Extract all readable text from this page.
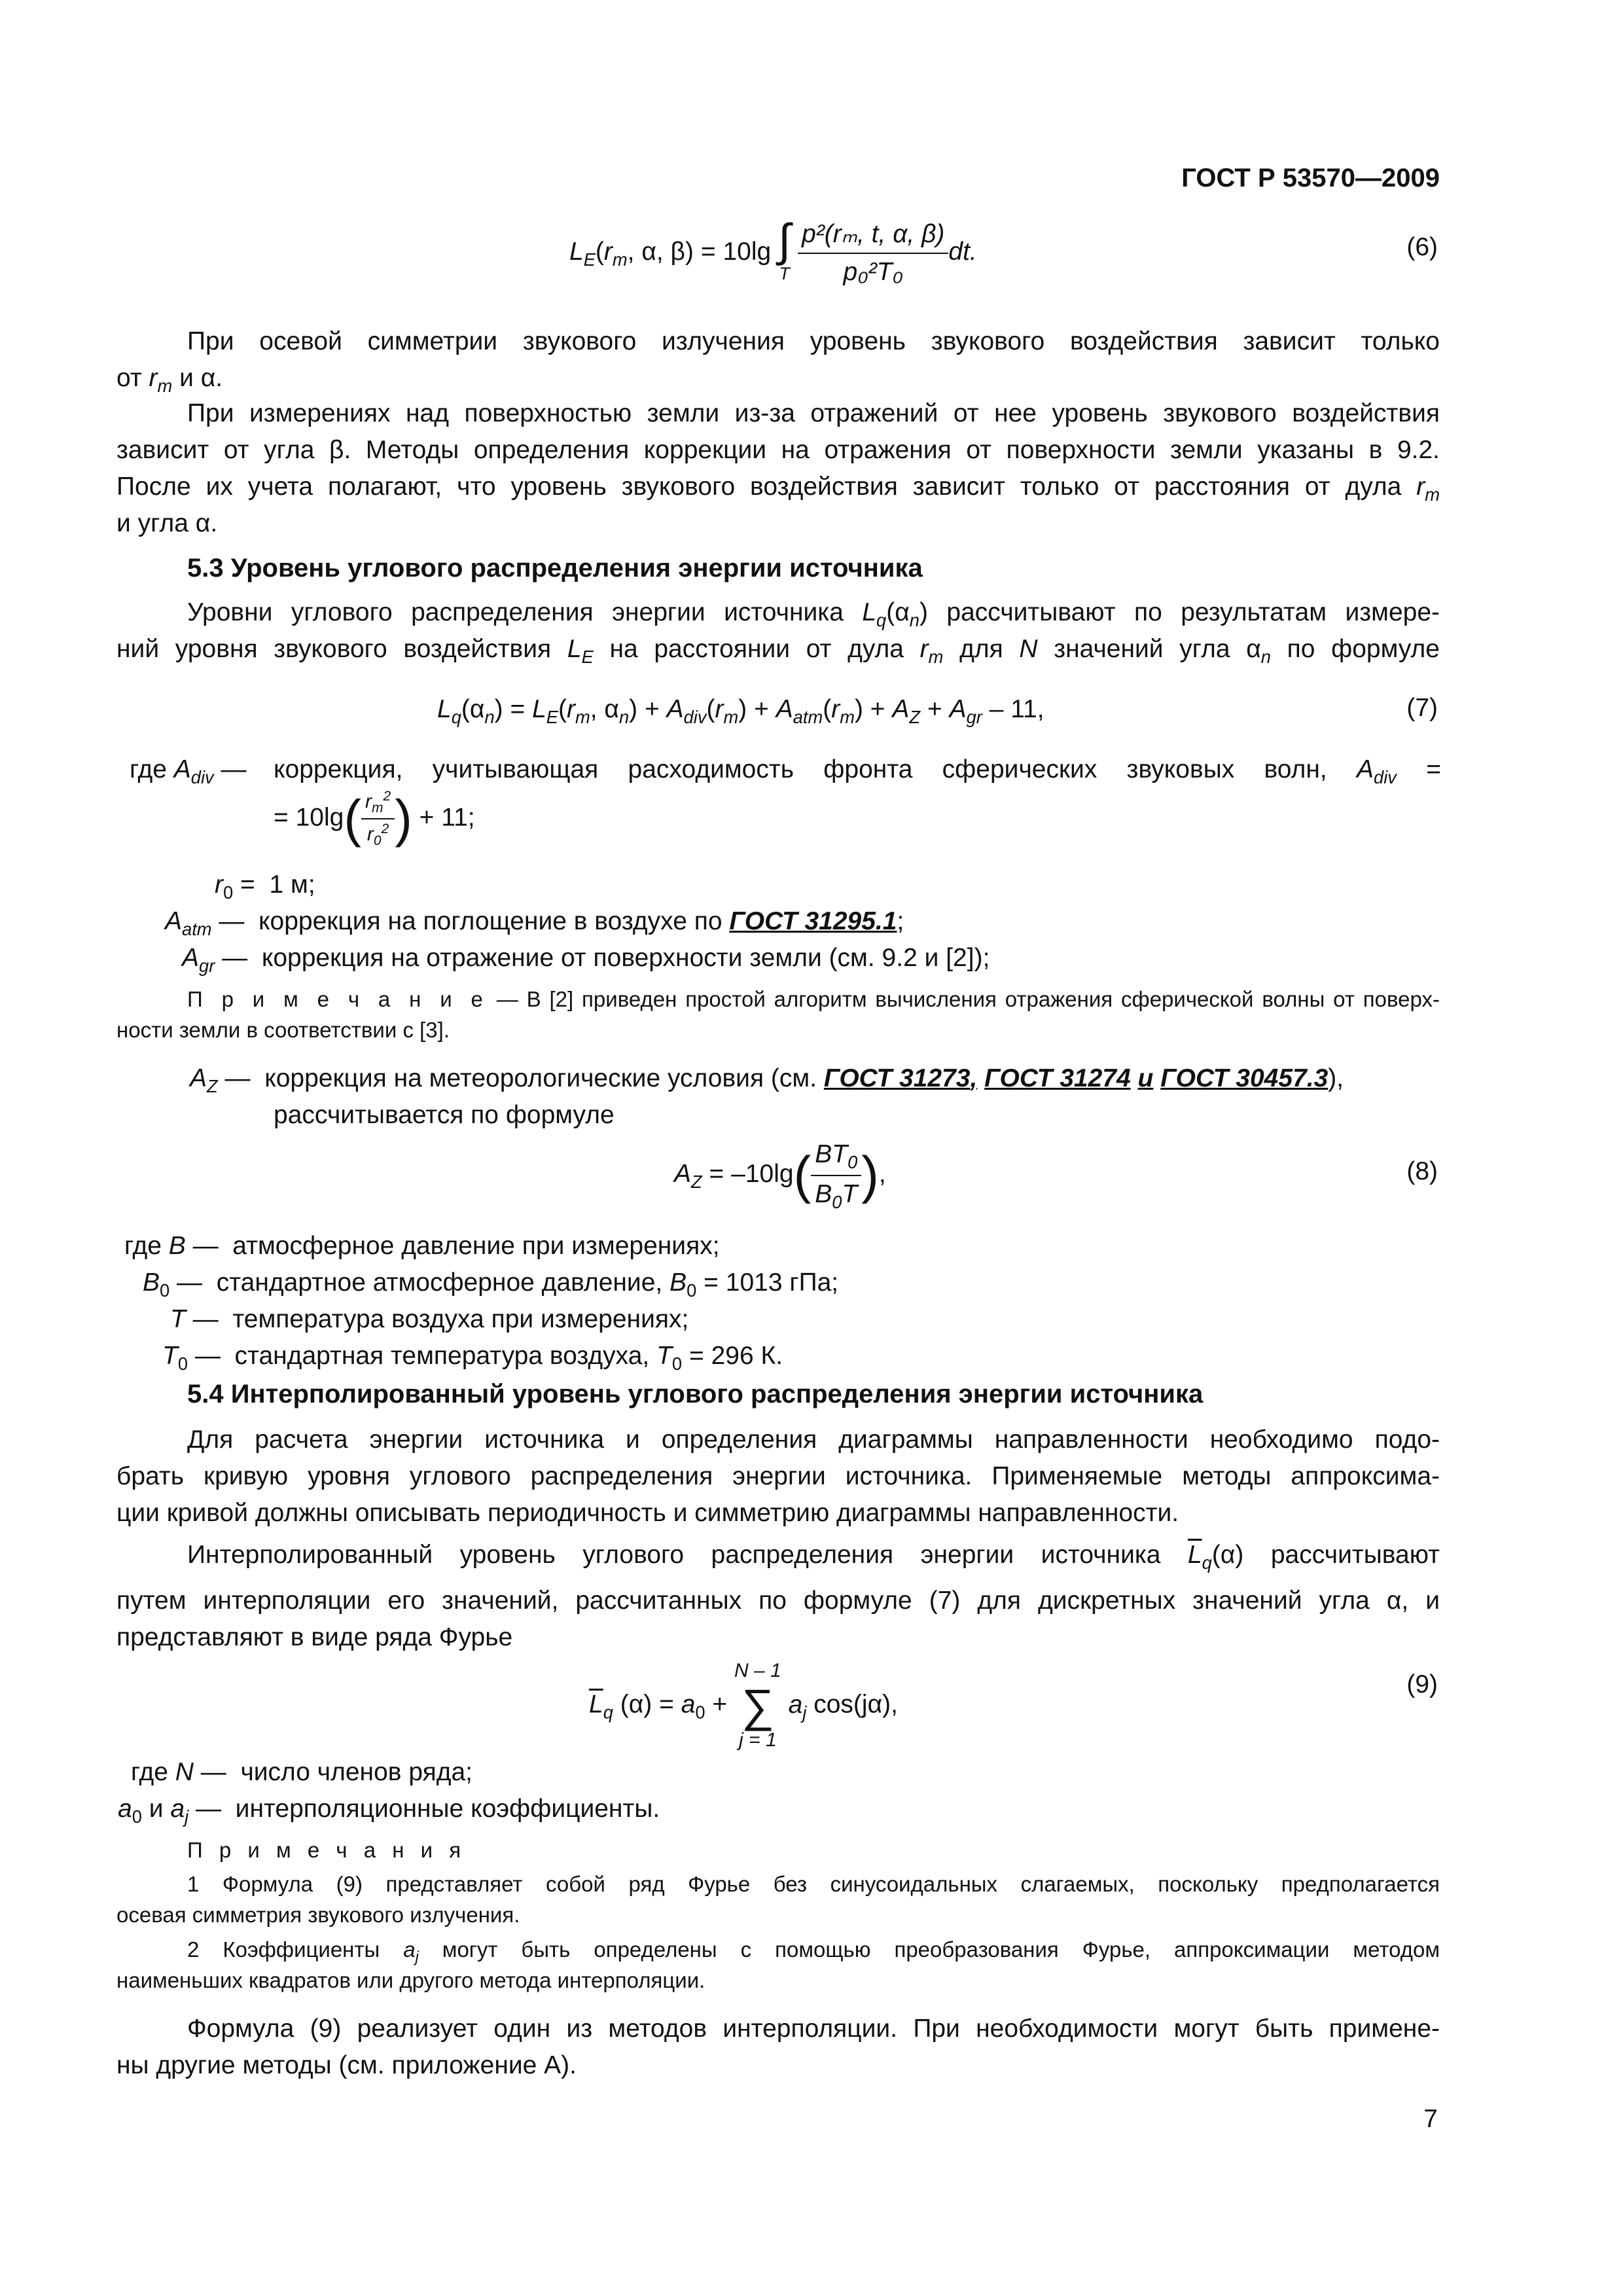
ГОСТ Р 53570—2009
$L_E(r_m$, α, β) = 10lg ∫
T
$\frac{\text{p²(rₘ, t, α, β)}}{\text{p₀²T₀}}$ dt.	(6)
При осевой симметрии звукового излучения уровень звукового воздействия зависит только
от $r_m$ и α.
При измерениях над поверхностью земли из-за отражений от нее уровень звукового воздействия
зависит от угла β. Методы определения коррекции на отражения от поверхности земли указаны в 9.2.
После их учета полагают, что уровень звукового воздействия зависит только от расстояния от дула $r_m$
и угла α.
5.3 Уровень углового распределения энергии источника
Уровни углового распределения энергии источника $L_q(\alpha_n)$ рассчитывают по результатам измере-
ний уровня звукового воздействия $L_E$ на расстоянии от дула $r_m$ для N значений угла $\alpha_n$ по формуле
$L_q(\alpha_n) = L_E(r_m$, $\alpha_n) + A_{div}(r_m) + A_{atm}(r_m) + A_Z + A_{gr} - 11$,	(7)
где $A_{div}$ — коррекция, учитывающая расходимость фронта сферических звуковых волн, $A_{div}$ =
= $10\lg( \frac{r_m^2}{r_0^2}$ ) + 11;
$r_0 = 1$ м;
$A_{atm}$ —  коррекция на поглощение в воздухе по ГОСТ 31295.1;
$A_{gr}$ —  коррекция на отражение от поверхности земли (см. 9.2 и [2]);
П р и м е ч а н и е — В [2] приведен простой алгоритм вычисления отражения сферической волны от поверх-
ности земли в соответствии с [3].
$A_Z$ —  коррекция на метеорологические условия (см. ГОСТ 31273, ГОСТ 31274 и ГОСТ 30457.3),
рассчитывается по формуле
$A_Z = -10\lg( \frac{BT_0}{B_0T}$ ),	(8)
где B —  атмосферное давление при измерениях;
$B_0$ —  стандартное атмосферное давление, $B_0 = 1013$ гПа;
T —  температура воздуха при измерениях;
$T_0$ —  стандартная температура воздуха, $T_0 = 296$ К.
5.4 Интерполированный уровень углового распределения энергии источника
Для расчета энергии источника и определения диаграммы направленности необходимо подо-
брать кривую уровня углового распределения энергии источника. Применяемые методы аппроксима-
ции кривой должны описывать периодичность и симметрию диаграммы направленности.
Интерполированный уровень углового распределения энергии источника $\overline{L}_q(\alpha)$ рассчитывают
путем интерполяции его значений, рассчитанных по формуле (7) для дискретных значений угла α, и
представляют в виде ряда Фурье
$\overline{L}_q$ $(\alpha) = a_0$ +
N – 1
∑
j = 1
$a_j$ cos(jα),
(9)
где N —  число членов ряда;
$a_0$ и $a_j$ —  интерполяционные коэффициенты.
П р и м е ч а н и я
1 Формула (9) представляет собой ряд Фурье без синусоидальных слагаемых, поскольку предполагается
осевая симметрия звукового излучения.
2 Коэффициенты $a_j$ могут быть определены с помощью преобразования Фурье, аппроксимации методом
наименьших квадратов или другого метода интерполяции.
Формула (9) реализует один из методов интерполяции. При необходимости могут быть примене-
ны другие методы (см. приложение А).
7
